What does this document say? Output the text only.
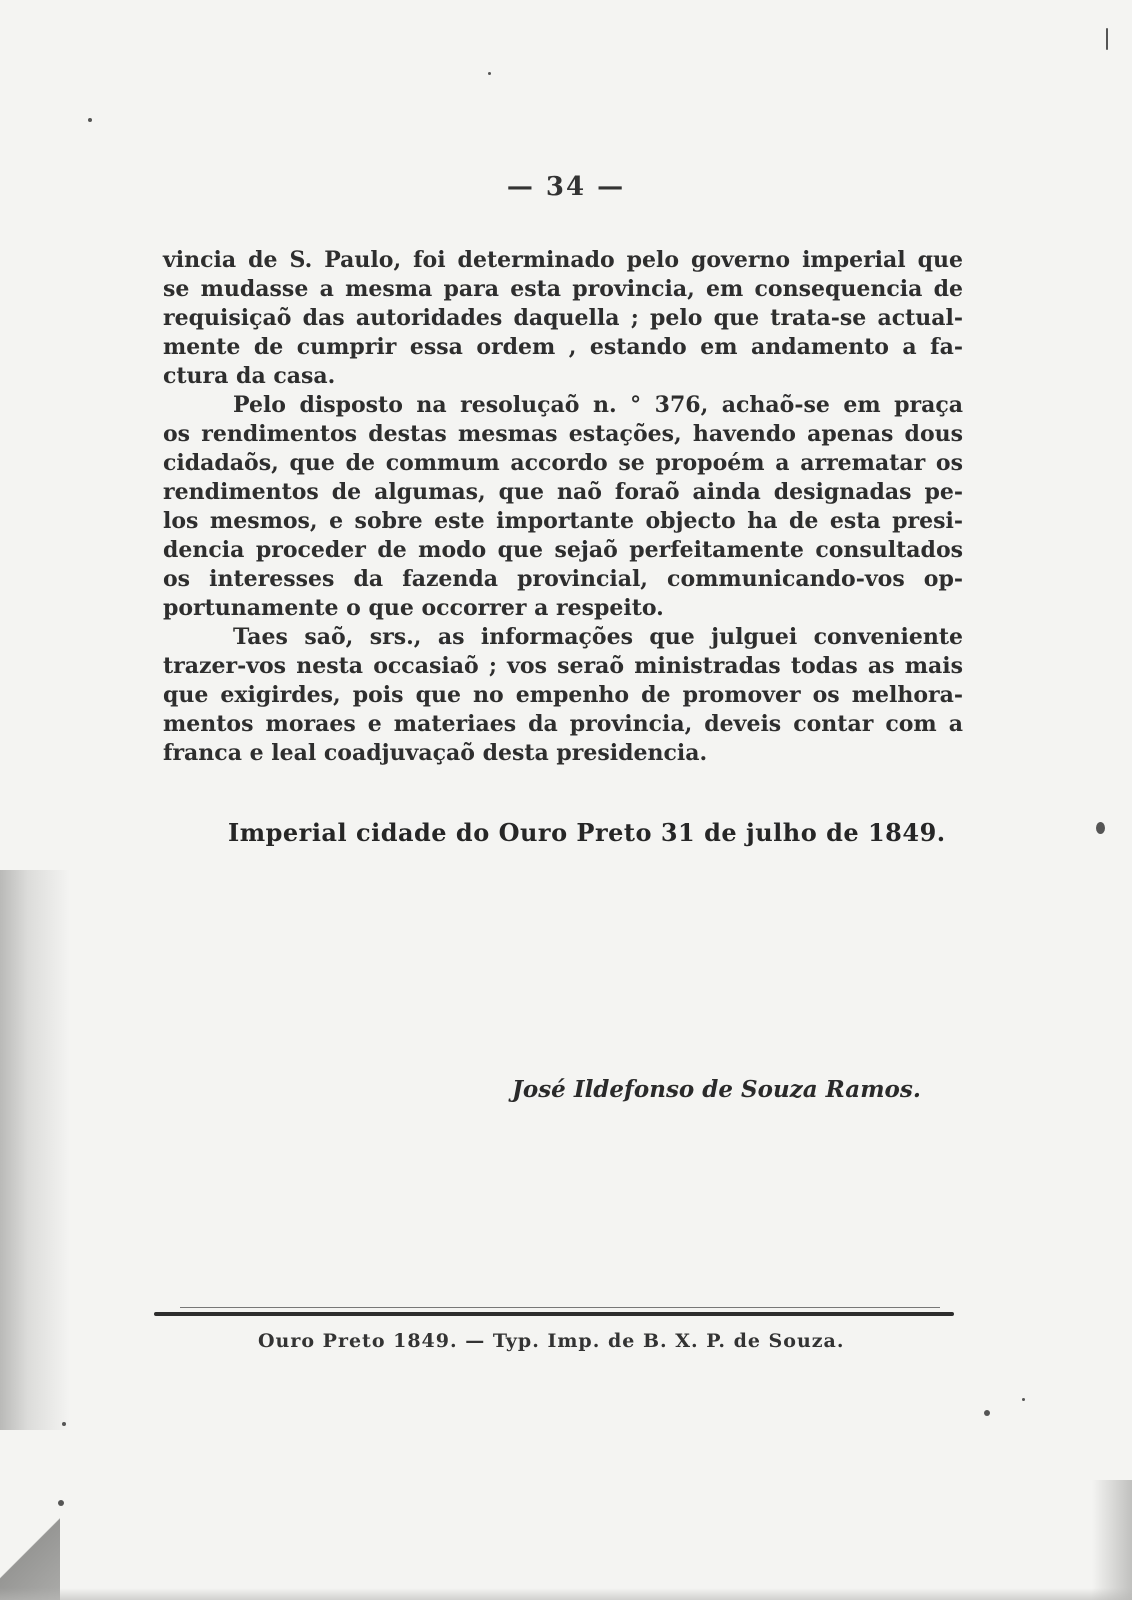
— 34 —
vincia de S. Paulo, foi determinado pelo governo imperial que
se mudasse a mesma para esta provincia, em consequencia de
requisiçaõ das autoridades daquella ; pelo que trata-se actual-
mente de cumprir essa ordem , estando em andamento a fa-
ctura da casa.
Pelo disposto na resoluçaõ n. ° 376, achaõ-se em praça
os rendimentos destas mesmas estações, havendo apenas dous
cidadaõs, que de commum accordo se propoém a arrematar os
rendimentos de algumas, que naõ foraõ ainda designadas pe-
los mesmos, e sobre este importante objecto ha de esta presi-
dencia proceder de modo que sejaõ perfeitamente consultados
os interesses da fazenda provincial, communicando-vos op-
portunamente o que occorrer a respeito.
Taes saõ, srs., as informações que julguei conveniente
trazer-vos nesta occasiaõ ; vos seraõ ministradas todas as mais
que exigirdes, pois que no empenho de promover os melhora-
mentos moraes e materiaes da provincia, deveis contar com a
franca e leal coadjuvaçaõ desta presidencia.
Imperial cidade do Ouro Preto 31 de julho de 1849.
José Ildefonso de Souza Ramos.
Ouro Preto 1849. — Typ. Imp. de B. X. P. de Souza.
